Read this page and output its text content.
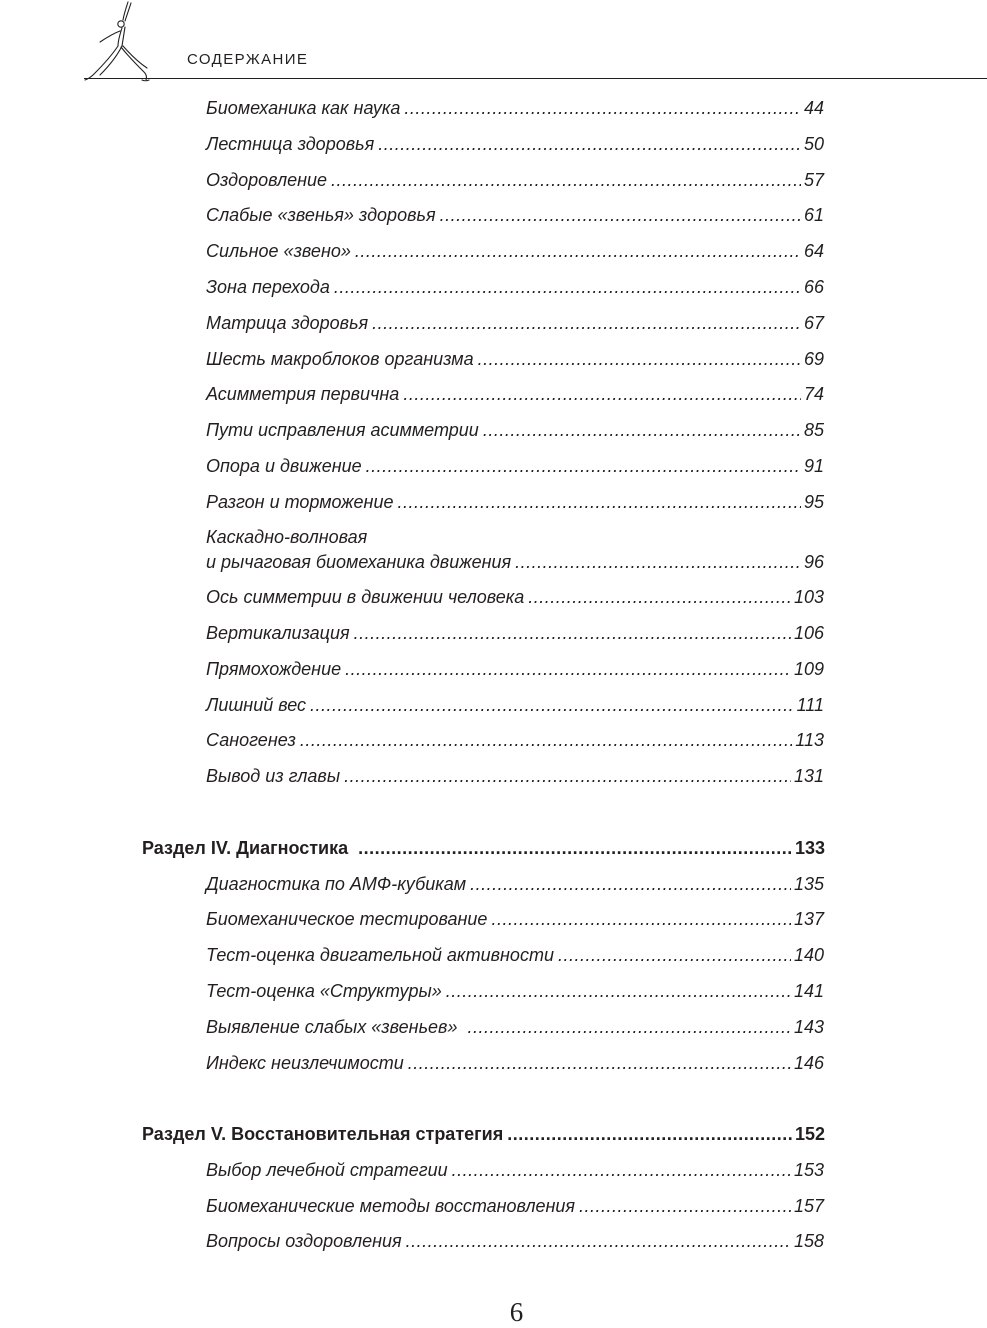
СОДЕРЖАНИЕ
Биомеханика как наука .....	44
Лестница здоровья .....	50
Оздоровление .....	57
Слабые «звенья» здоровья .....	61
Сильное «звено» .....	64
Зона перехода .....	66
Матрица здоровья .....	67
Шесть макроблоков организма .....	69
Асимметрия первична .....	74
Пути исправления асимметрии .....	85
Опора и движение .....	91
Разгон и торможение .....	95
Каскадно-волновая
и рычаговая биомеханика движения .....	96
Ось симметрии в движении человека .....	103
Вертикализация .....	106
Прямохождение .....	109
Лишний вес .....	111
Саногенез .....	113
Вывод из главы .....	131
Раздел IV. Диагностика .....	133
Диагностика по АМФ-кубикам .....	135
Биомеханическое тестирование .....	137
Тест-оценка двигательной активности .....	140
Тест-оценка «Структуры» .....	141
Выявление слабых «звеньев» .....	143
Индекс неизлечимости .....	146
Раздел V. Восстановительная стратегия .....	152
Выбор лечебной стратегии .....	153
Биомеханические методы восстановления .....	157
Вопросы оздоровления .....	158
6
